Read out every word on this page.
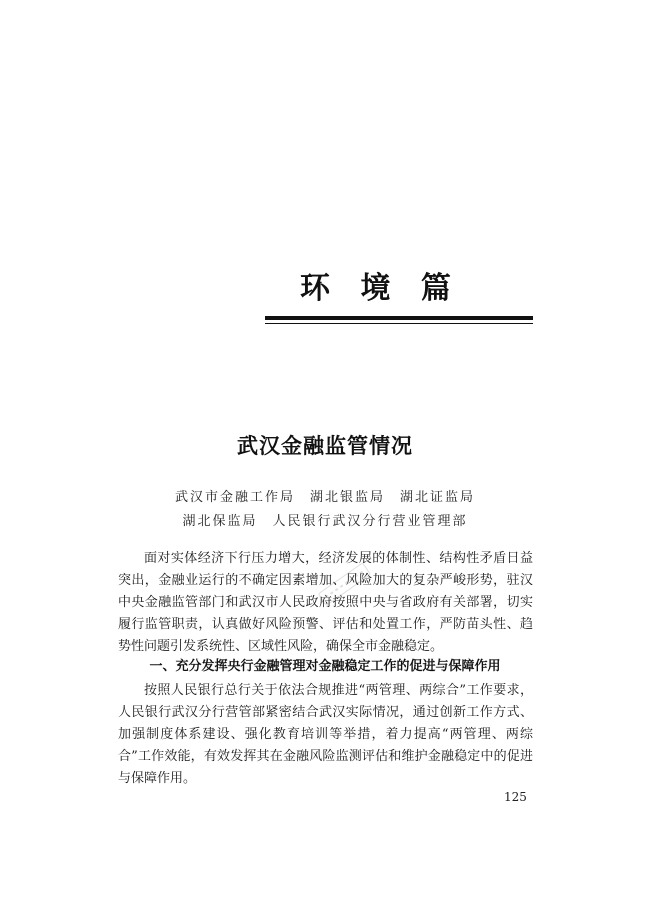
环 境 篇
武汉金融监管情况
武汉市金融工作局　湖北银监局　湖北证监局
湖北保监局　人民银行武汉分行营业管理部

面对实体经济下行压力增大，经济发展的体制性、结构性矛盾日益突出，金融业运行的不确定因素增加、风险加大的复杂严峻形势，驻汉中央金融监管部门和武汉市人民政府按照中央与省政府有关部署，切实履行监管职责，认真做好风险预警、评估和处置工作，严防苗头性、趋势性问题引发系统性、区域性风险，确保全市金融稳定。

一、充分发挥央行金融管理对金融稳定工作的促进与保障作用

按照人民银行总行关于依法合规推进“两管理、两综合”工作要求，人民银行武汉分行营管部紧密结合武汉实际情况，通过创新工作方式、加强制度体系建设、强化教育培训等举措，着力提高“两管理、两综合”工作效能，有效发挥其在金融风险监测评估和维护金融稳定中的促进与保障作用。

125
